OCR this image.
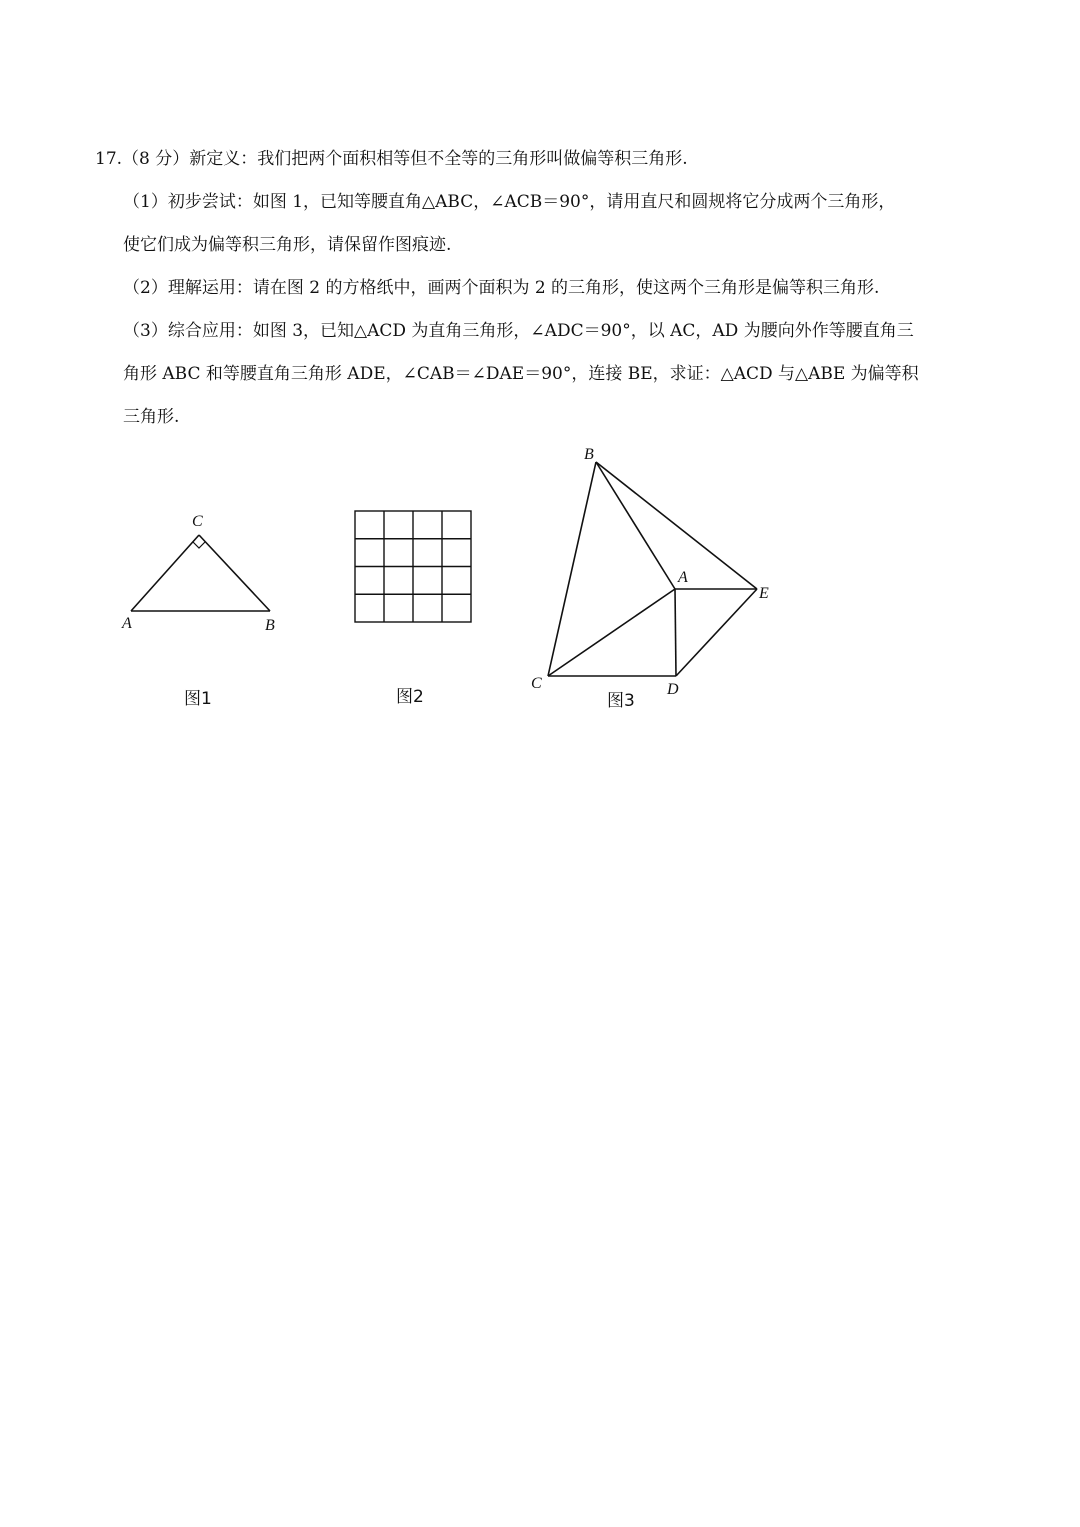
17.（8 分）新定义：我们把两个面积相等但不全等的三角形叫做偏等积三角形.
（1）初步尝试：如图 1，已知等腰直角△ABC，∠ACB＝90°，请用直尺和圆规将它分成两个三角形，
使它们成为偏等积三角形，请保留作图痕迹.
（2）理解运用：请在图 2 的方格纸中，画两个面积为 2 的三角形，使这两个三角形是偏等积三角形.
（3）综合应用：如图 3，已知△ACD 为直角三角形，∠ADC＝90°，以 AC，AD 为腰向外作等腰直角三
角形 ABC 和等腰直角三角形 ADE，∠CAB＝∠DAE＝90°，连接 BE，求证：△ACD 与△ABE 为偏等积
三角形.
C
A	B
B
A
E
C	D
图1	图2	图3
